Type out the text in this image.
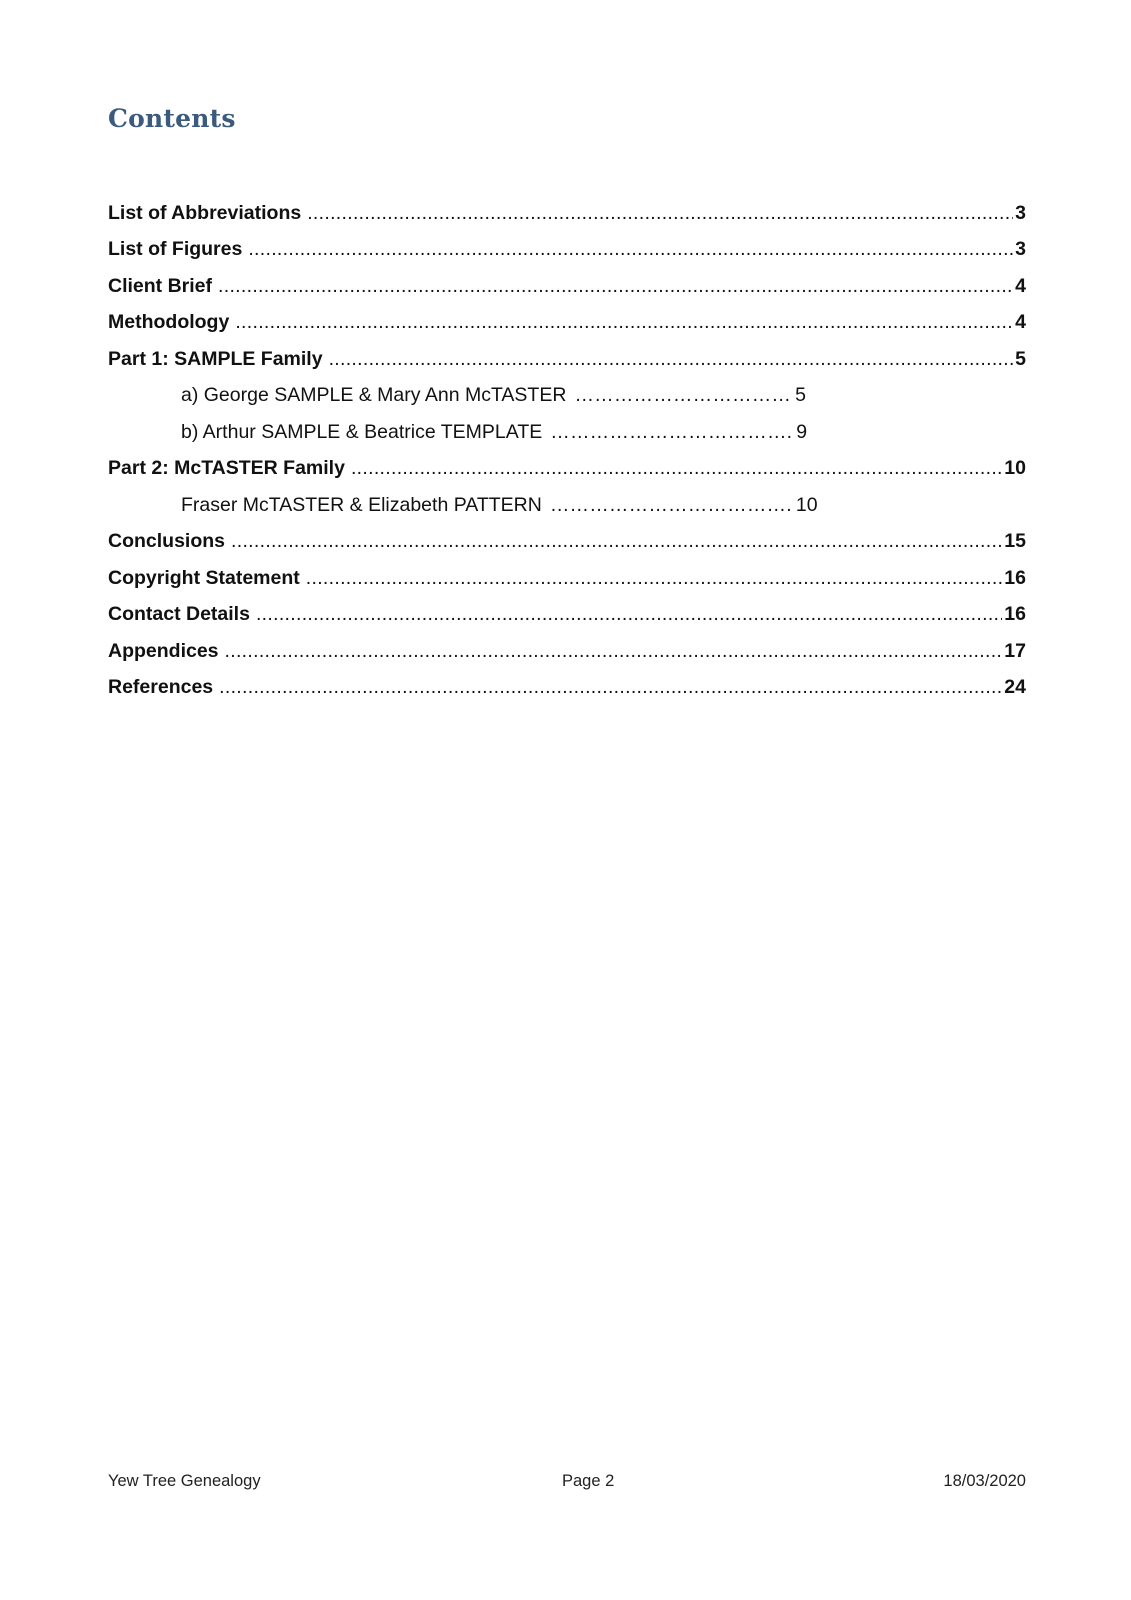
Contents
List of Abbreviations .....	3
List of Figures .....	3
Client Brief .....	4
Methodology .....	4
Part 1: SAMPLE Family .....	5
a) George SAMPLE & Mary Ann McTASTER …………………………… 5
b) Arthur SAMPLE & Beatrice TEMPLATE ………………………………. 9
Part 2: McTASTER Family .....	10
Fraser McTASTER & Elizabeth PATTERN ………………………………. 10
Conclusions .....	15
Copyright Statement .....	16
Contact Details .....	16
Appendices .....	17
References .....	24
Yew Tree Genealogy	Page 2	18/03/2020
